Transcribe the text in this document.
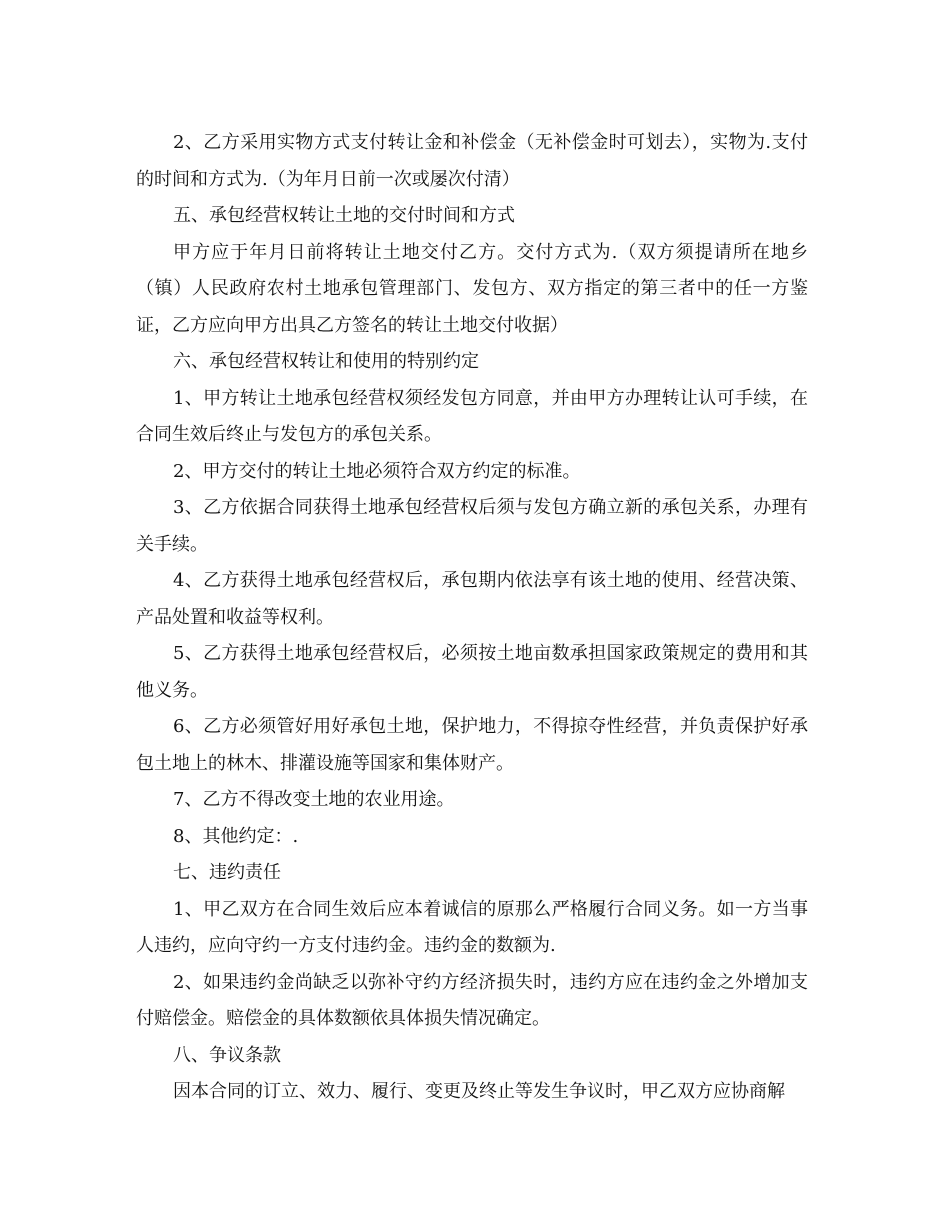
2、乙方采用实物方式支付转让金和补偿金（无补偿金时可划去），实物为.支付的时间和方式为.（为年月日前一次或屡次付清）

五、承包经营权转让土地的交付时间和方式

甲方应于年月日前将转让土地交付乙方。交付方式为.（双方须提请所在地乡（镇）人民政府农村土地承包管理部门、发包方、双方指定的第三者中的任一方鉴证，乙方应向甲方出具乙方签名的转让土地交付收据）

六、承包经营权转让和使用的特别约定

1、甲方转让土地承包经营权须经发包方同意，并由甲方办理转让认可手续，在合同生效后终止与发包方的承包关系。

2、甲方交付的转让土地必须符合双方约定的标准。

3、乙方依据合同获得土地承包经营权后须与发包方确立新的承包关系，办理有关手续。

4、乙方获得土地承包经营权后，承包期内依法享有该土地的使用、经营决策、产品处置和收益等权利。

5、乙方获得土地承包经营权后，必须按土地亩数承担国家政策规定的费用和其他义务。

6、乙方必须管好用好承包土地，保护地力，不得掠夺性经营，并负责保护好承包土地上的林木、排灌设施等国家和集体财产。

7、乙方不得改变土地的农业用途。

8、其他约定：.

七、违约责任

1、甲乙双方在合同生效后应本着诚信的原那么严格履行合同义务。如一方当事人违约，应向守约一方支付违约金。违约金的数额为.

2、如果违约金尚缺乏以弥补守约方经济损失时，违约方应在违约金之外增加支付赔偿金。赔偿金的具体数额依具体损失情况确定。

八、争议条款

因本合同的订立、效力、履行、变更及终止等发生争议时，甲乙双方应协商解
